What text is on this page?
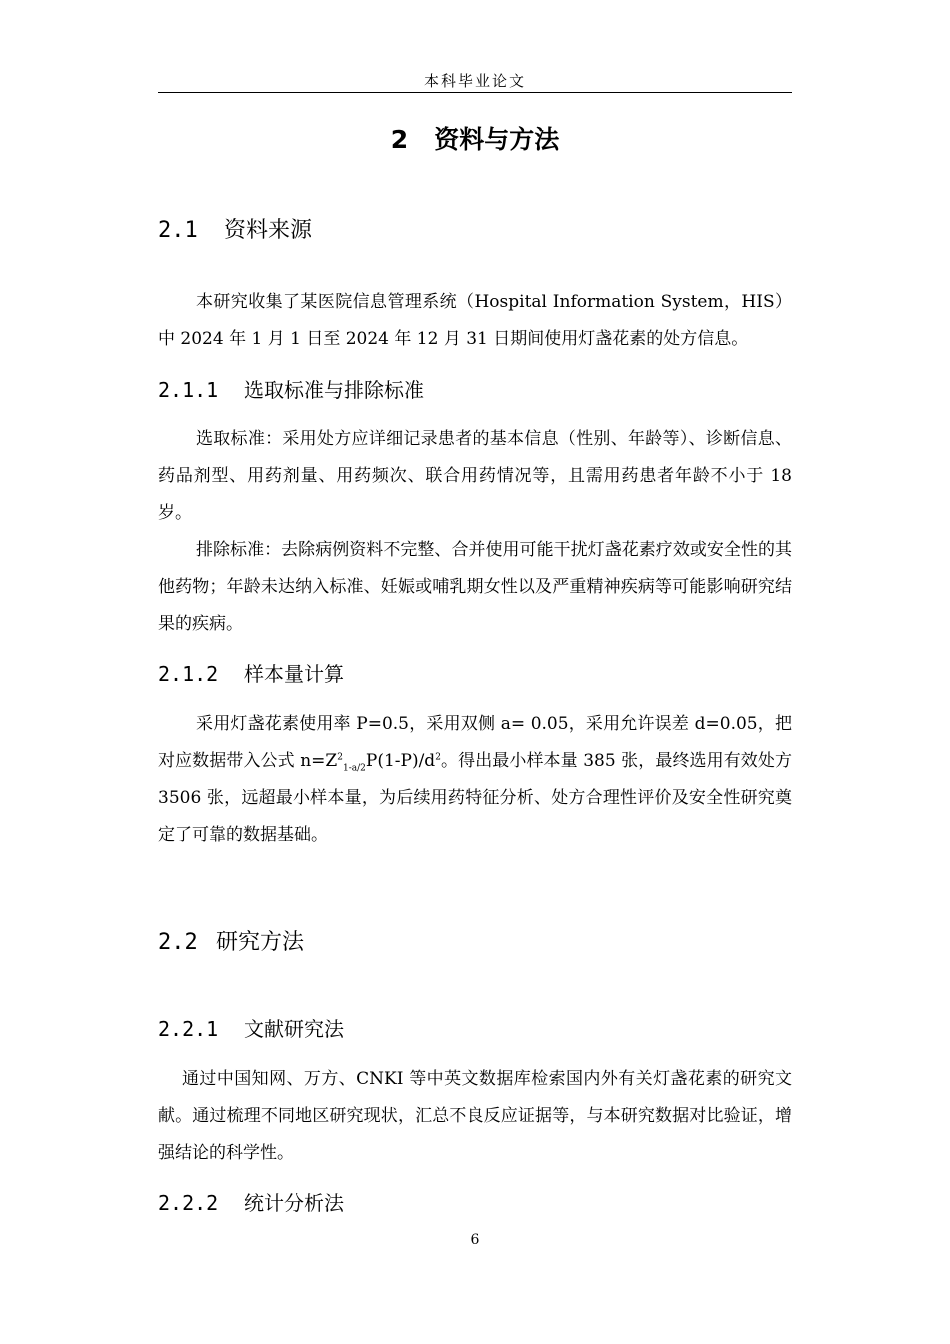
本科毕业论文
2 资料与方法
2.1 资料来源
本研究收集了某医院信息管理系统（Hospital Information System，HIS）中 2024 年 1 月 1 日至 2024 年 12 月 31 日期间使用灯盏花素的处方信息。
2.1.1 选取标准与排除标准
选取标准：采用处方应详细记录患者的基本信息（性别、年龄等）、诊断信息、药品剂型、用药剂量、用药频次、联合用药情况等，且需用药患者年龄不小于 18 岁。
排除标准：去除病例资料不完整、合并使用可能干扰灯盏花素疗效或安全性的其他药物；年龄未达纳入标准、妊娠或哺乳期女性以及严重精神疾病等可能影响研究结果的疾病。
2.1.2 样本量计算
采用灯盏花素使用率 P=0.5，采用双侧 a= 0.05，采用允许误差 d=0.05，把对应数据带入公式 $n=Z^2_{1-a/2}P(1-P)/d^2$。得出最小样本量 385 张，最终选用有效处方 3506 张，远超最小样本量，为后续用药特征分析、处方合理性评价及安全性研究奠定了可靠的数据基础。
2.2 研究方法
2.2.1 文献研究法
通过中国知网、万方、CNKI 等中英文数据库检索国内外有关灯盏花素的研究文献。通过梳理不同地区研究现状，汇总不良反应证据等，与本研究数据对比验证，增强结论的科学性。
2.2.2 统计分析法
6
